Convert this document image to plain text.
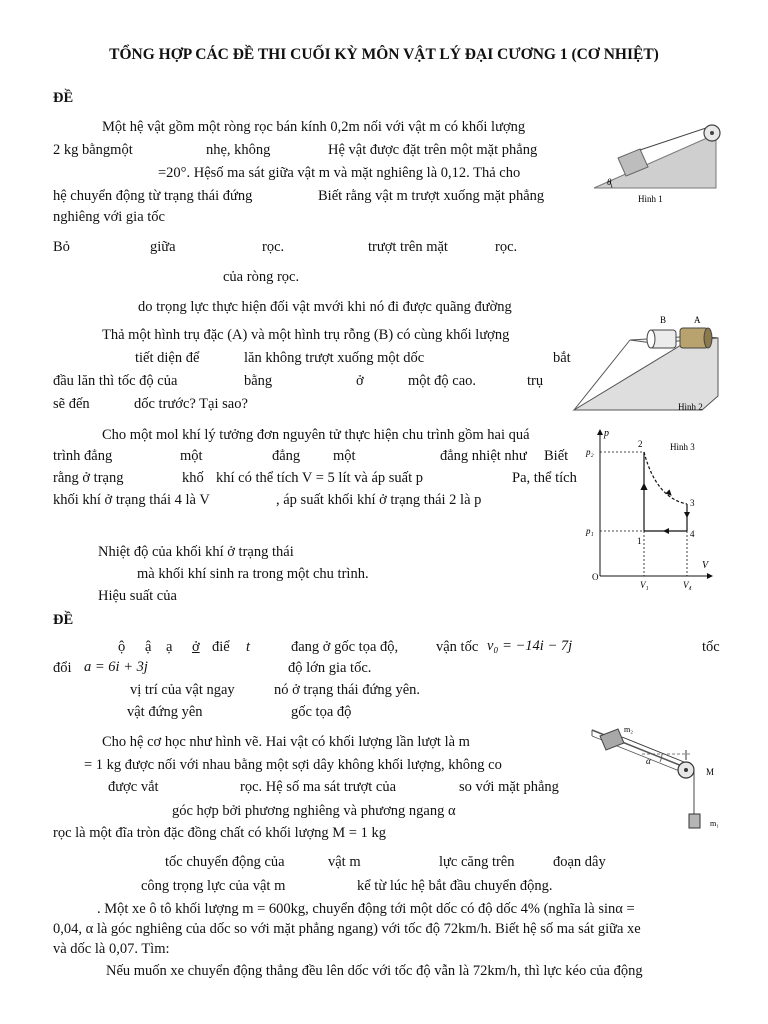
TỔNG HỢP CÁC ĐỀ THI CUỐI KỲ MÔN VẬT LÝ ĐẠI CƯƠNG 1 (CƠ NHIỆT)
ĐỀ
Một hệ vật gồm một ròng rọc bán kính 0,2m nối với vật m có khối lượng
2 kg bằngmột	nhẹ, không	Hệ vật được đặt trên một mặt phẳng
=20°. Hệsố ma sát giữa vật m và mặt nghiêng là 0,12. Thả cho
hệ chuyển động từ trạng thái đứng	Biết rằng vật m trượt xuống mặt phẳng
nghiêng với gia tốc
θ
Hình 1
Bỏ	giữa	rọc.	trượt trên mặt	rọc.
của ròng rọc.
do trọng lực thực hiện đối vật mvới khi nó đi được quãng đường
Thả một hình trụ đặc (A) và một hình trụ rỗng (B) có cùng khối lượng
tiết diện để	lăn không trượt xuống một dốc	bắt
đầu lăn thì tốc độ của	bằng	ở	một độ cao.	trụ
sẽ đến	dốc trước? Tại sao?
B	A
Hình 2
Cho một mol khí lý tưởng đơn nguyên tử thực hiện chu trình gồm hai quá
trình đẳng	một	đẳng một	đẳng nhiệt như Biết
rằng ở trạng	khố khí có thể tích V = 5 lít và áp suất p	Pa, thể tích
khối khí ở trạng thái 4 là V	, áp suất khối khí ở trạng thái 2 là p
p
V
O
p₂
p₁
V₁	V₄
1
2
3
4
Hình 3
Nhiệt độ của khối khí ở trạng thái
mà khối khí sinh ra trong một chu trình.
Hiệu suất của
ĐỀ
ộ ậ ạ ở điể t	đang ở gốc tọa độ,	vận tốc v₀ = −14i − 7j	tốc
đổi a = 6i + 3j	độ lớn gia tốc.
vị trí của vật ngay	nó ở trạng thái đứng yên.
vật đứng yên	gốc tọa độ
Cho hệ cơ học như hình vẽ. Hai vật có khối lượng lần lượt là m
= 1 kg được nối với nhau bằng một sợi dây không khối lượng, không co
được vắt	rọc. Hệ số ma sát trượt của	so với mặt phẳng
góc hợp bởi phương nghiêng và phương ngang α
rọc là một đĩa tròn đặc đồng chất có khối lượng M = 1 kg
tốc chuyển động của	vật m	lực căng trên	đoạn dây
công trọng lực của vật m	kể từ lúc hệ bắt đầu chuyển động.
α
m₂
M
m₁
. Một xe ô tô khối lượng m = 600kg, chuyển động tới một dốc có độ dốc 4% (nghĩa là sinα =
0,04, α là góc nghiêng của dốc so với mặt phẳng ngang) với tốc độ 72km/h. Biết hệ số ma sát giữa xe
và dốc là 0,07. Tìm:
Nếu muốn xe chuyển động thẳng đều lên dốc với tốc độ vẫn là 72km/h, thì lực kéo của động
